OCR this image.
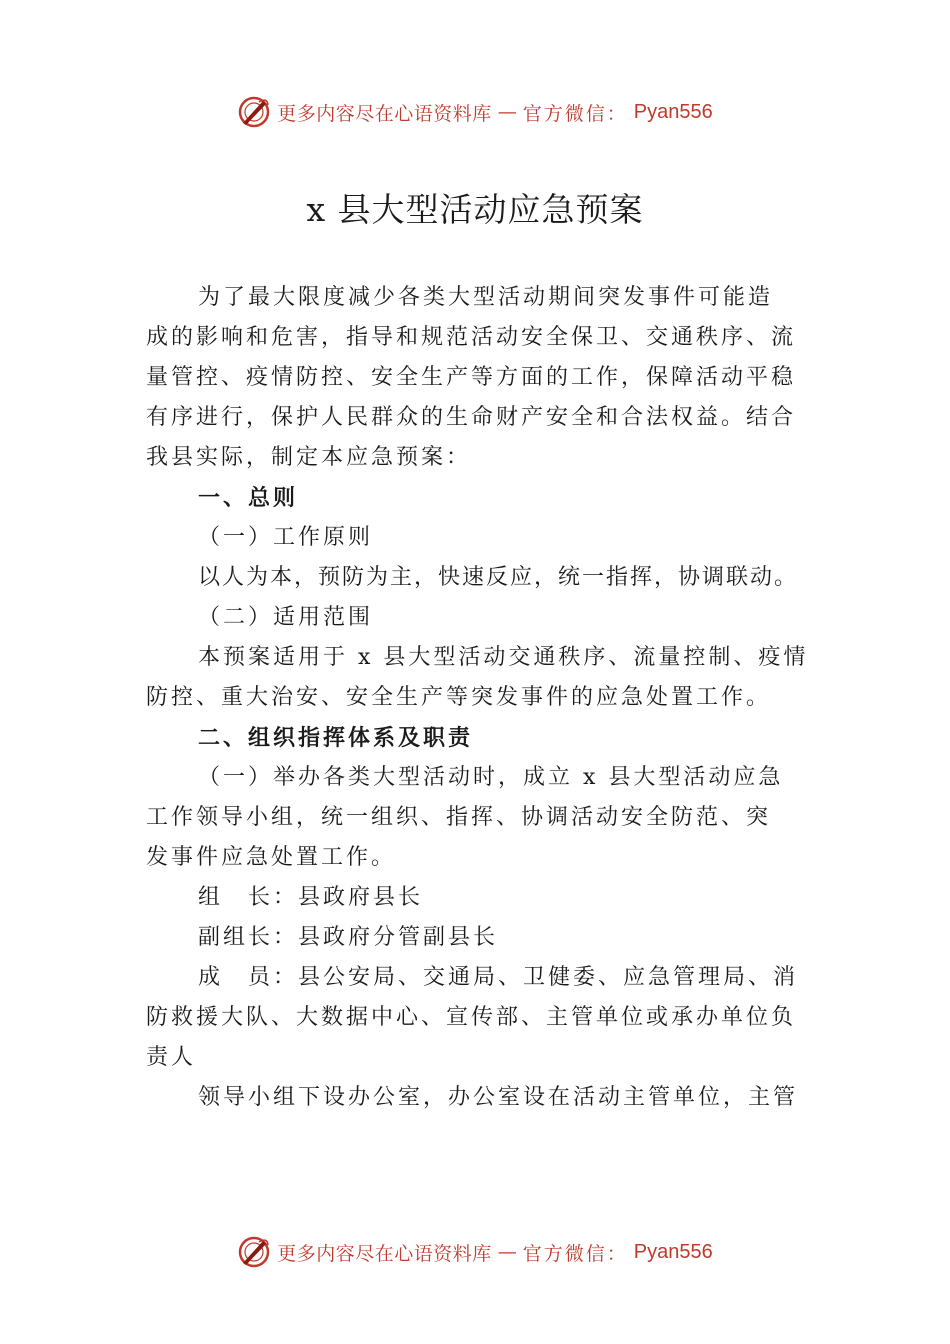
更多内容尽在心语资料库 — 官方微信： Pyan556
x 县大型活动应急预案
为了最大限度减少各类大型活动期间突发事件可能造
成的影响和危害，指导和规范活动安全保卫、交通秩序、流
量管控、疫情防控、安全生产等方面的工作，保障活动平稳
有序进行，保护人民群众的生命财产安全和合法权益。结合
我县实际，制定本应急预案：
一、总则
（一）工作原则
以人为本，预防为主，快速反应，统一指挥，协调联动。
（二）适用范围
本预案适用于 x 县大型活动交通秩序、流量控制、疫情
防控、重大治安、安全生产等突发事件的应急处置工作。
二、组织指挥体系及职责
（一）举办各类大型活动时，成立 x 县大型活动应急
工作领导小组，统一组织、指挥、协调活动安全防范、突
发事件应急处置工作。
组　长：县政府县长
副组长：县政府分管副县长
成　员：县公安局、交通局、卫健委、应急管理局、消
防救援大队、大数据中心、宣传部、主管单位或承办单位负
责人
领导小组下设办公室，办公室设在活动主管单位，主管
更多内容尽在心语资料库 — 官方微信： Pyan556
